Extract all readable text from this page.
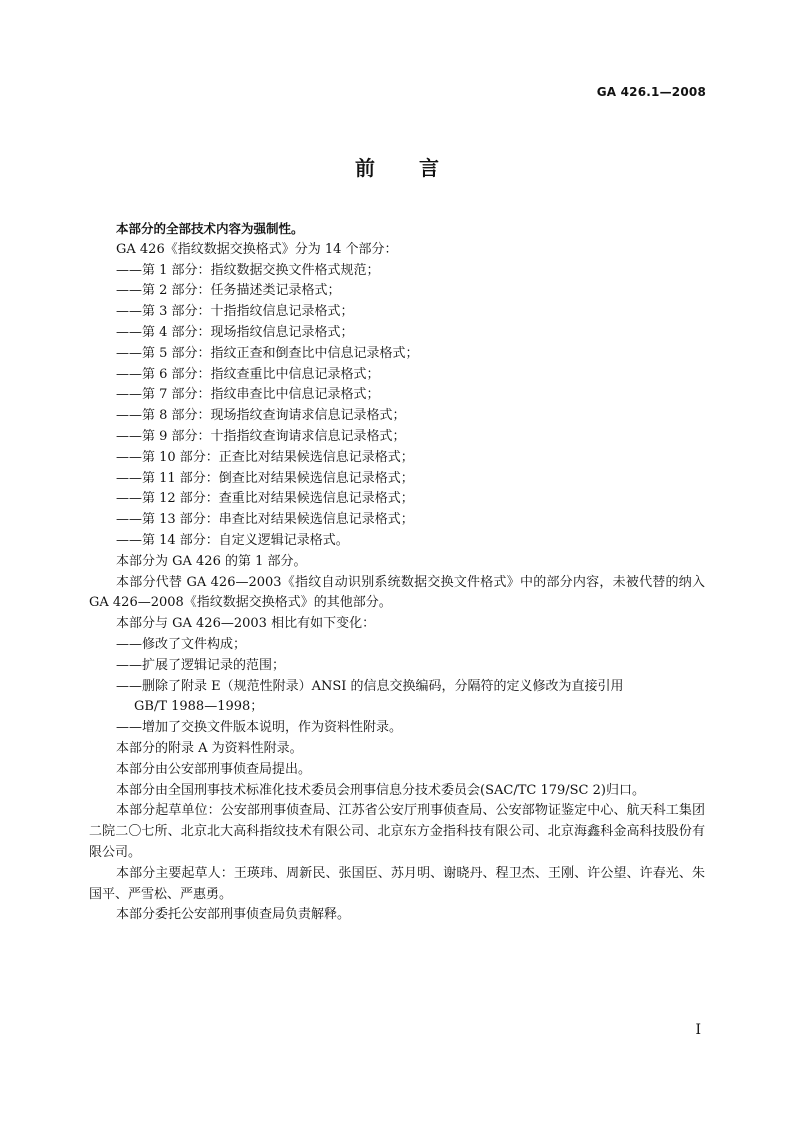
GA 426.1—2008
前言

本部分的全部技术内容为强制性。

GA 426《指纹数据交换格式》分为 14 个部分：

——第 1 部分：指纹数据交换文件格式规范；

——第 2 部分：任务描述类记录格式；

——第 3 部分：十指指纹信息记录格式；

——第 4 部分：现场指纹信息记录格式；

——第 5 部分：指纹正查和倒查比中信息记录格式；

——第 6 部分：指纹查重比中信息记录格式；

——第 7 部分：指纹串查比中信息记录格式；

——第 8 部分：现场指纹查询请求信息记录格式；

——第 9 部分：十指指纹查询请求信息记录格式；

——第 10 部分：正查比对结果候选信息记录格式；

——第 11 部分：倒查比对结果候选信息记录格式；

——第 12 部分：查重比对结果候选信息记录格式；

——第 13 部分：串查比对结果候选信息记录格式；

——第 14 部分：自定义逻辑记录格式。

本部分为 GA 426 的第 1 部分。

本部分代替 GA 426—2003《指纹自动识别系统数据交换文件格式》中的部分内容，未被代替的纳入 GA 426—2008《指纹数据交换格式》的其他部分。

本部分与 GA 426—2003 相比有如下变化：

——修改了文件构成；

——扩展了逻辑记录的范围；

——删除了附录 E（规范性附录）ANSI 的信息交换编码，分隔符的定义修改为直接引用

GB/T 1988—1998；

——增加了交换文件版本说明，作为资料性附录。

本部分的附录 A 为资料性附录。

本部分由公安部刑事侦查局提出。

本部分由全国刑事技术标准化技术委员会刑事信息分技术委员会(SAC/TC 179/SC 2)归口。

本部分起草单位：公安部刑事侦查局、江苏省公安厅刑事侦查局、公安部物证鉴定中心、航天科工集团二院二〇七所、北京北大高科指纹技术有限公司、北京东方金指科技有限公司、北京海鑫科金高科技股份有限公司。

本部分主要起草人：王瑛玮、周新民、张国臣、苏月明、谢晓丹、程卫杰、王刚、许公望、许春光、朱国平、严雪松、严惠勇。

本部分委托公安部刑事侦查局负责解释。

I
